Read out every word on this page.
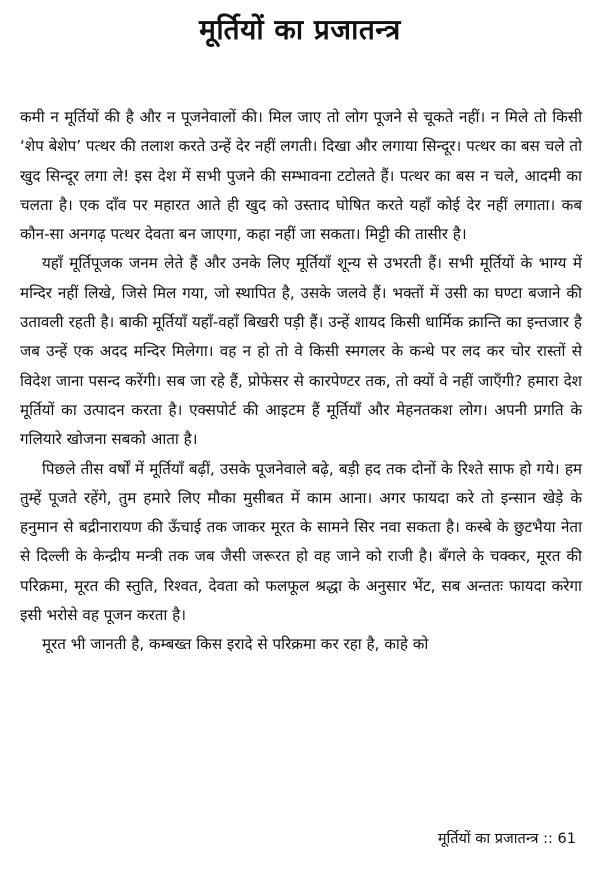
मूर्तियों का प्रजातन्त्र

कमी न मूर्तियों की है और न पूजनेवालों की। मिल जाए तो लोग पूजने से चूकते नहीं। न मिले तो किसी ‘शेप बेशेप’ पत्थर की तलाश करते उन्हें देर नहीं लगती। दिखा और लगाया सिन्दूर। पत्थर का बस चले तो खुद सिन्दूर लगा ले! इस देश में सभी पुजने की सम्भावना टटोलते हैं। पत्थर का बस न चले, आदमी का चलता है। एक दाँव पर महारत आते ही खुद को उस्ताद घोषित करते यहाँ कोई देर नहीं लगाता। कब कौन-सा अनगढ़ पत्थर देवता बन जाएगा, कहा नहीं जा सकता। मिट्टी की तासीर है।

यहाँ मूर्तिपूजक जनम लेते हैं और उनके लिए मूर्तियाँ शून्य से उभरती हैं। सभी मूर्तियों के भाग्य में मन्दिर नहीं लिखे, जिसे मिल गया, जो स्थापित है, उसके जलवे हैं। भक्तों में उसी का घण्टा बजाने की उतावली रहती है। बाकी मूर्तियाँ यहाँ-वहाँ बिखरी पड़ी हैं। उन्हें शायद किसी धार्मिक क्रान्ति का इन्तजार है जब उन्हें एक अदद मन्दिर मिलेगा। वह न हो तो वे किसी स्मगलर के कन्धे पर लद कर चोर रास्तों से विदेश जाना पसन्द करेंगी। सब जा रहे हैं, प्रोफेसर से कारपेण्टर तक, तो क्यों वे नहीं जाएँगी? हमारा देश मूर्तियों का उत्पादन करता है। एक्सपोर्ट की आइटम हैं मूर्तियाँ और मेहनतकश लोग। अपनी प्रगति के गलियारे खोजना सबको आता है।

पिछले तीस वर्षों में मूर्तियाँ बढ़ीं, उसके पूजनेवाले बढ़े, बड़ी हद तक दोनों के रिश्ते साफ हो गये। हम तुम्हें पूजते रहेंगे, तुम हमारे लिए मौका मुसीबत में काम आना। अगर फायदा करे तो इन्सान खेड़े के हनुमान से बद्रीनारायण की ऊँचाई तक जाकर मूरत के सामने सिर नवा सकता है। कस्बे के छुटभैया नेता से दिल्ली के केन्द्रीय मन्त्री तक जब जैसी जरूरत हो वह जाने को राजी है। बँगले के चक्कर, मूरत की परिक्रमा, मूरत की स्तुति, रिश्वत, देवता को फलफूल श्रद्धा के अनुसार भेंट, सब अन्ततः फायदा करेगा इसी भरोसे वह पूजन करता है।

मूरत भी जानती है, कम्बख्त किस इरादे से परिक्रमा कर रहा है, काहे को

मूर्तियों का प्रजातन्त्र :: 61
